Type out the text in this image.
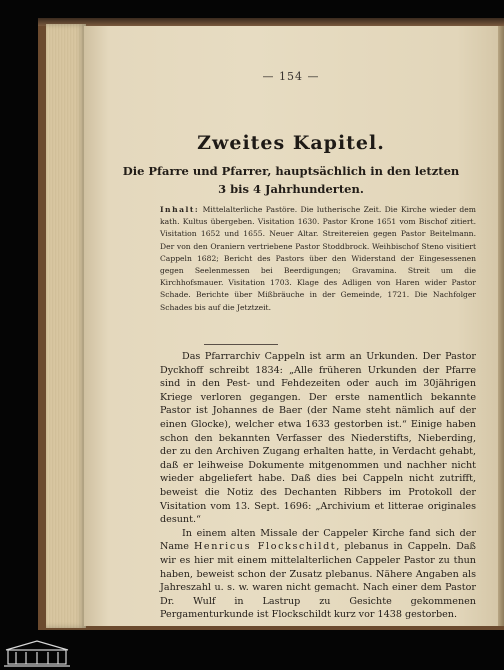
— 154 —
Zweites Kapitel.
Die Pfarre und Pfarrer, hauptsächlich in den letzten
3 bis 4 Jahrhunderten.
Inhalt: Mittelalterliche Pastöre. Die lutherische Zeit. Die Kirche wieder dem kath. Kultus übergeben. Visitation 1630. Pastor Krone 1651 vom Bischof zitiert. Visitation 1652 und 1655. Neuer Altar. Streitereien gegen Pastor Beitelmann. Der von den Oraniern vertriebene Pastor Stoddbrock. Weihbischof Steno visitiert Cappeln 1682; Bericht des Pastors über den Widerstand der Eingesessenen gegen Seelenmessen bei Beerdigungen; Gravamina. Streit um die Kirchhofsmauer. Visitation 1703. Klage des Adligen von Haren wider Pastor Schade. Berichte über Mißbräuche in der Gemeinde, 1721. Die Nachfolger Schades bis auf die Jetztzeit.

Das Pfarrarchiv Cappeln ist arm an Urkunden. Der Pastor Dyckhoff schreibt 1834: „Alle früheren Urkunden der Pfarre sind in den Pest- und Fehdezeiten oder auch im 30jährigen Kriege verloren gegangen. Der erste namentlich bekannte Pastor ist Johannes de Baer (der Name steht nämlich auf der einen Glocke), welcher etwa 1633 gestorben ist.“ Einige haben schon den bekannten Verfasser des Niederstifts, Nieberding, der zu den Archiven Zugang erhalten hatte, in Verdacht gehabt, daß er leihweise Dokumente mitgenommen und nachher nicht wieder abgeliefert habe. Daß dies bei Cappeln nicht zutrifft, beweist die Notiz des Dechanten Ribbers im Protokoll der Visitation vom 13. Sept. 1696: „Archivium et litterae originales desunt.“

In einem alten Missale der Cappeler Kirche fand sich der Name Henricus Flockschildt, plebanus in Cappeln. Daß wir es hier mit einem mittelalterlichen Cappeler Pastor zu thun haben, beweist schon der Zusatz plebanus. Nähere Angaben als Jahreszahl u. s. w. waren nicht gemacht. Nach einer dem Pastor Dr. Wulf in Lastrup zu Gesichte gekommenen Pergamenturkunde ist Flockschildt kurz vor 1438 gestorben.
